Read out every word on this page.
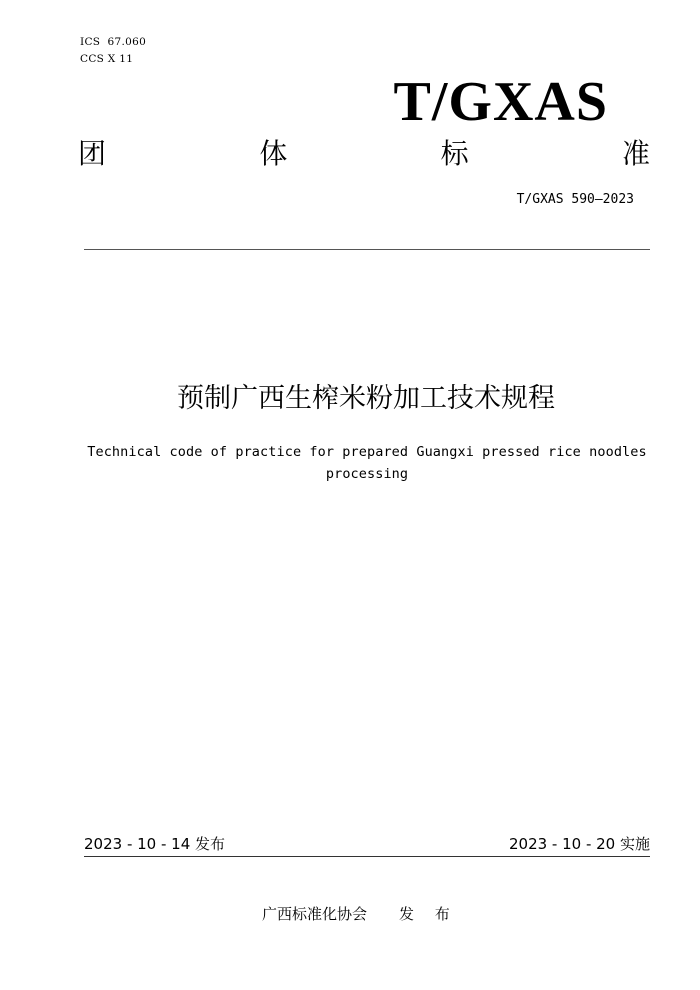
ICS  67.060
CCS X 11
T/GXAS
团	体	标	准
T/GXAS 590—2023
预制广西生榨米粉加工技术规程
Technical code of practice for prepared Guangxi pressed rice noodles
processing
2023 - 10 - 14 发布	2023 - 10 - 20 实施
广西标准化协会 发 布
